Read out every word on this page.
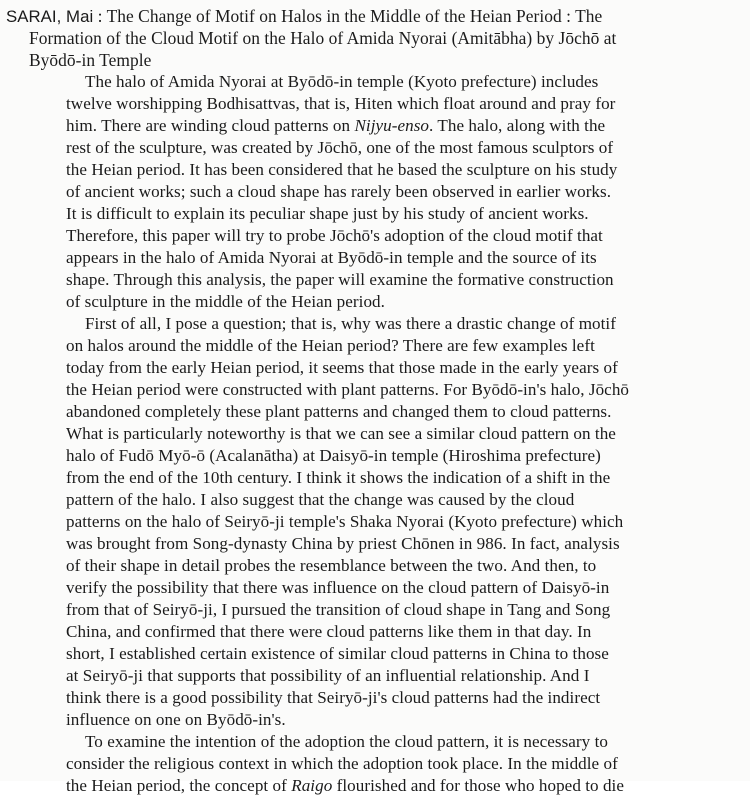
SARAI, Mai : The Change of Motif on Halos in the Middle of the Heian Period : The
Formation of the Cloud Motif on the Halo of Amida Nyorai (Amitābha) by Jōchō at
Byōdō-in Temple
The halo of Amida Nyorai at Byōdō-in temple (Kyoto prefecture) includes
twelve worshipping Bodhisattvas, that is, Hiten which float around and pray for
him. There are winding cloud patterns on Nijyu-enso. The halo, along with the
rest of the sculpture, was created by Jōchō, one of the most famous sculptors of
the Heian period. It has been considered that he based the sculpture on his study
of ancient works; such a cloud shape has rarely been observed in earlier works.
It is difficult to explain its peculiar shape just by his study of ancient works.
Therefore, this paper will try to probe Jōchō's adoption of the cloud motif that
appears in the halo of Amida Nyorai at Byōdō-in temple and the source of its
shape. Through this analysis, the paper will examine the formative construction
of sculpture in the middle of the Heian period.
First of all, I pose a question; that is, why was there a drastic change of motif
on halos around the middle of the Heian period? There are few examples left
today from the early Heian period, it seems that those made in the early years of
the Heian period were constructed with plant patterns. For Byōdō-in's halo, Jōchō
abandoned completely these plant patterns and changed them to cloud patterns.
What is particularly noteworthy is that we can see a similar cloud pattern on the
halo of Fudō Myō-ō (Acalanātha) at Daisyō-in temple (Hiroshima prefecture)
from the end of the 10th century. I think it shows the indication of a shift in the
pattern of the halo. I also suggest that the change was caused by the cloud
patterns on the halo of Seiryō-ji temple's Shaka Nyorai (Kyoto prefecture) which
was brought from Song-dynasty China by priest Chōnen in 986. In fact, analysis
of their shape in detail probes the resemblance between the two. And then, to
verify the possibility that there was influence on the cloud pattern of Daisyō-in
from that of Seiryō-ji, I pursued the transition of cloud shape in Tang and Song
China, and confirmed that there were cloud patterns like them in that day. In
short, I established certain existence of similar cloud patterns in China to those
at Seiryō-ji that supports that possibility of an influential relationship. And I
think there is a good possibility that Seiryō-ji's cloud patterns had the indirect
influence on one on Byōdō-in's.
To examine the intention of the adoption the cloud pattern, it is necessary to
consider the religious context in which the adoption took place. In the middle of
the Heian period, the concept of Raigo flourished and for those who hoped to die
